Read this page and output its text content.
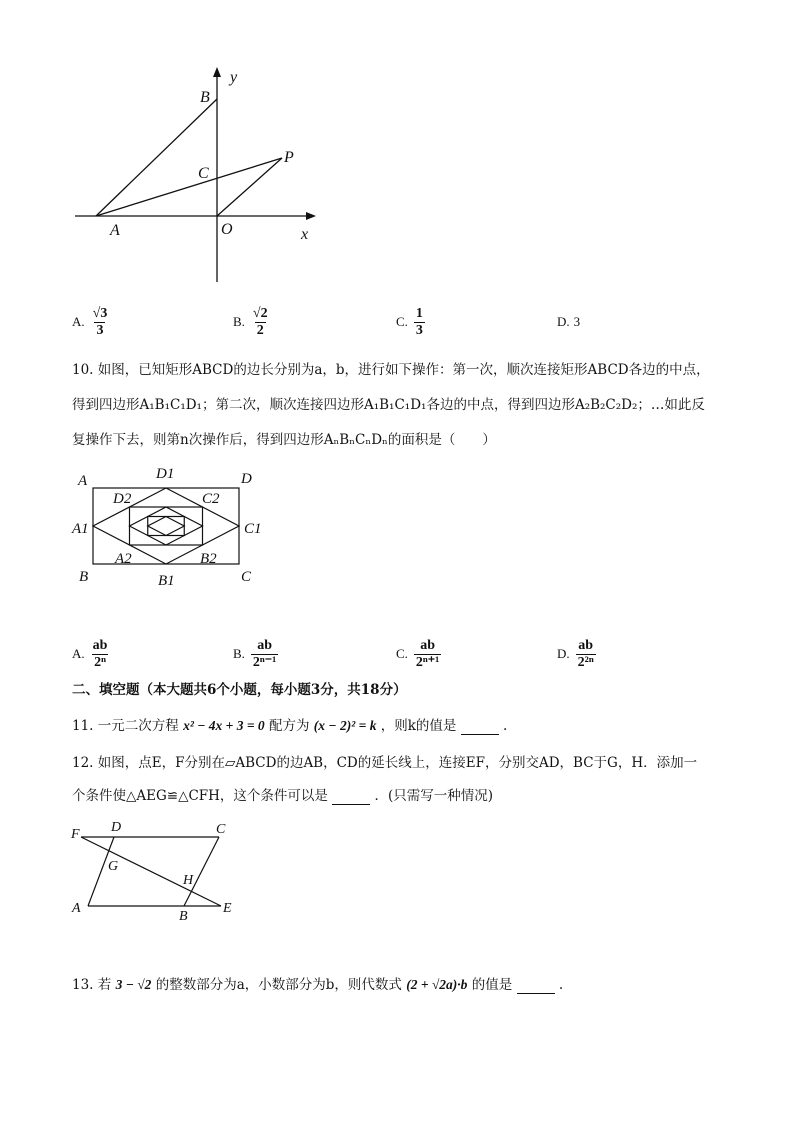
y
B
C
P
A	O	x
A. $\frac{√3}{3}$	B. $\frac{√2}{2}$	C. $\frac{1}{3}$	D. 3
10. 如图，已知矩形ABCD的边长分别为a，b，进行如下操作：第一次，顺次连接矩形ABCD各边的中点，
得到四边形A₁B₁C₁D₁；第二次，顺次连接四边形A₁B₁C₁D₁各边的中点，得到四边形A₂B₂C₂D₂；…如此反
复操作下去，则第n次操作后，得到四边形AₙBₙCₙDₙ的面积是（　　）
A	D1	D
D2	C2
A1	C1
A2	B2
B	B1	C
A. $\frac{ab}{\text{2ⁿ}}$	B. $\frac{ab}{\text{2ⁿ⁻¹}}$	C. $\frac{ab}{\text{2ⁿ⁺¹}}$	D. $\frac{ab}{\text{2²ⁿ}}$
二、填空题（本大题共6个小题，每小题3分，共18分）
11. 一元二次方程 x² − 4x + 3 = 0 配方为 (x − 2)² = k ，则k的值是	.
12. 如图，点E，F分别在▱ABCD的边AB，CD的延长线上，连接EF，分别交AD，BC于G，H．添加一
个条件使△AEG≌△CFH，这个条件可以是	．(只需写一种情况)
F D	C
G
H
A
B
E
13. 若 3 − √2 的整数部分为a，小数部分为b，则代数式 (2 + √2a)·b 的值是	.
